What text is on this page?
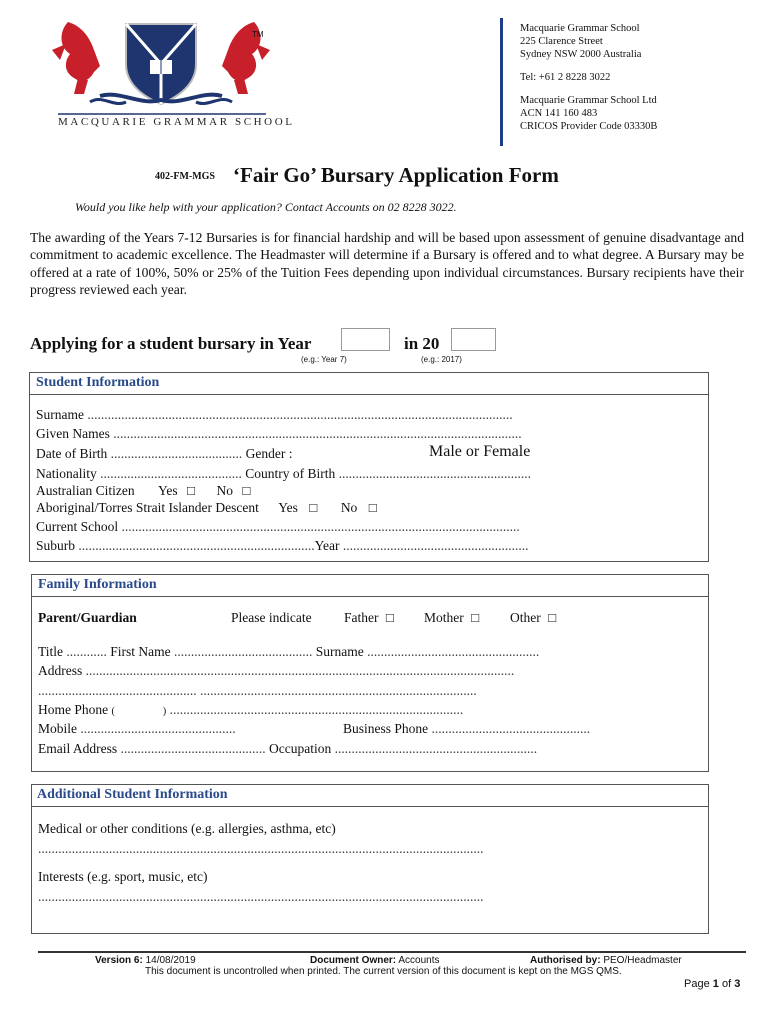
TM
MACQUARIE GRAMMAR SCHOOL
Macquarie Grammar School
225 Clarence Street
Sydney NSW 2000 Australia
Tel: +61 2 8228 3022
Macquarie Grammar School Ltd
ACN 141 160 483
CRICOS Provider Code 03330B
402-FM-MGS ‘Fair Go’ Bursary Application Form
Would you like help with your application? Contact Accounts on 02 8228 3022.
The awarding of the Years 7-12 Bursaries is for financial hardship and will be based upon assessment of genuine disadvantage and commitment to academic excellence. The Headmaster will determine if a Bursary is offered and to what degree. A Bursary may be offered at a rate of 100%, 50% or 25% of the Tuition Fees depending upon individual circumstances. Bursary recipients have their progress reviewed each year.
Applying for a student bursary in Year	in 20
(e.g.: Year 7)	(e.g.: 2017)
Student Information
Surname ..............................................................................................................................
Given Names .........................................................................................................................
Date of Birth ....................................... Gender :	Male or Female
Nationality .......................................... Country of Birth .........................................................
Australian Citizen Yes □ No □
Aboriginal/Torres Strait Islander Descent Yes □ No □
Current School ......................................................................................................................
Suburb ......................................................................Year .......................................................
Family Information
Parent/Guardian	Please indicate Father □ Mother □ Other □
Title ............ First Name ......................................... Surname ...................................................
Address ...............................................................................................................................
............................................... ..................................................................................
Home Phone (	) .......................................................................................
Mobile ..............................................	Business Phone ...............................................
Email Address ........................................... Occupation ............................................................
Additional Student Information
Medical or other conditions (e.g. allergies, asthma, etc)
....................................................................................................................................
Interests (e.g. sport, music, etc)
....................................................................................................................................
Version 6: 14/08/2019	Document Owner: Accounts	Authorised by: PEO/Headmaster
This document is uncontrolled when printed. The current version of this document is kept on the MGS QMS.
Page 1 of 3
